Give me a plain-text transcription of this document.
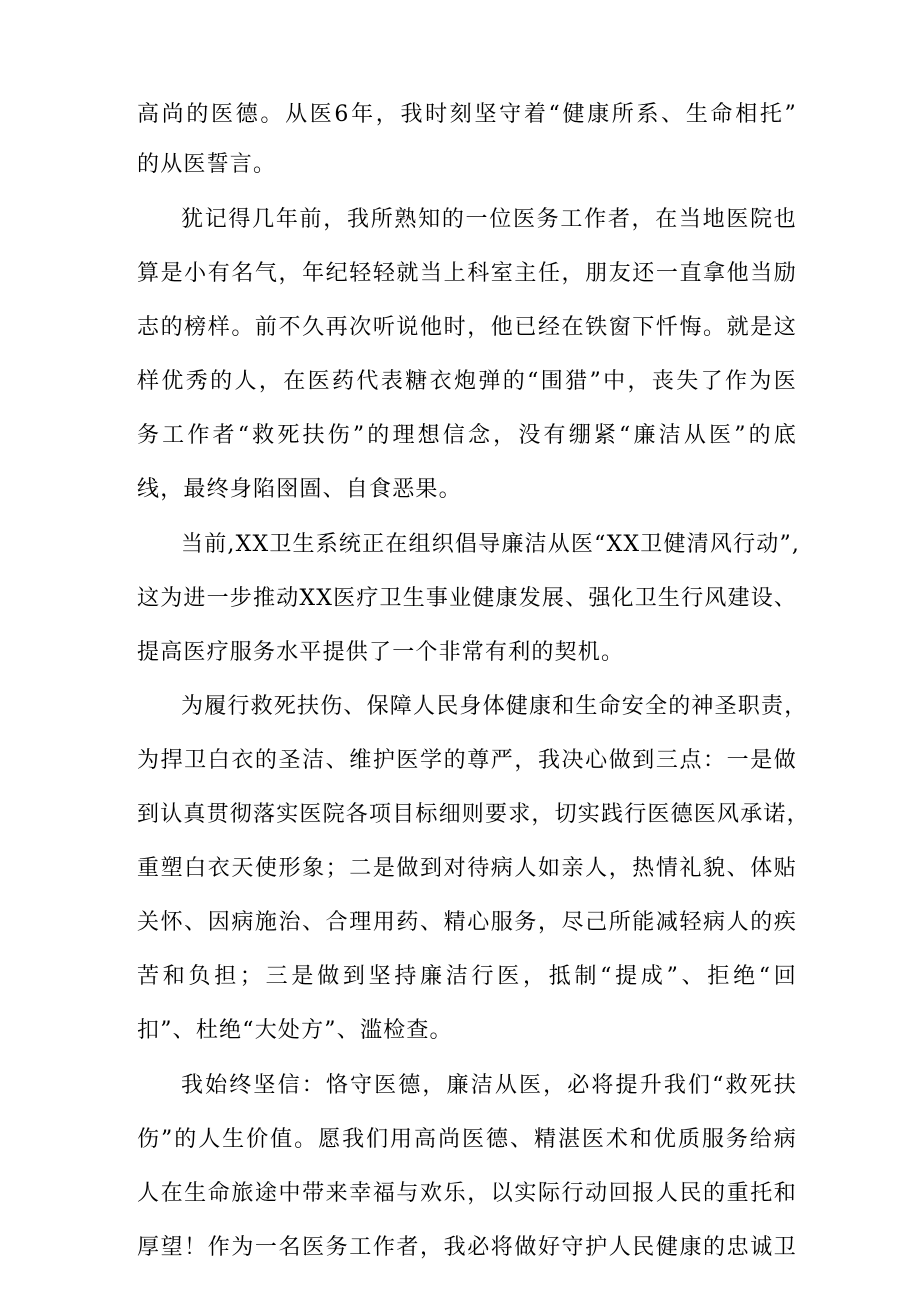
高尚的医德。从医6年，我时刻坚守着“健康所系、生命相托”
的从医誓言。
犹记得几年前，我所熟知的一位医务工作者，在当地医院也
算是小有名气，年纪轻轻就当上科室主任，朋友还一直拿他当励
志的榜样。前不久再次听说他时，他已经在铁窗下忏悔。就是这
样优秀的人，在医药代表糖衣炮弹的“围猎”中，丧失了作为医
务工作者“救死扶伤”的理想信念，没有绷紧“廉洁从医”的底
线，最终身陷囹圄、自食恶果。
当前,XX卫生系统正在组织倡导廉洁从医“XX卫健清风行动”,
这为进一步推动XX医疗卫生事业健康发展、强化卫生行风建设、
提高医疗服务水平提供了一个非常有利的契机。
为履行救死扶伤、保障人民身体健康和生命安全的神圣职责，
为捍卫白衣的圣洁、维护医学的尊严，我决心做到三点：一是做
到认真贯彻落实医院各项目标细则要求，切实践行医德医风承诺，
重塑白衣天使形象；二是做到对待病人如亲人，热情礼貌、体贴
关怀、因病施治、合理用药、精心服务，尽己所能减轻病人的疾
苦和负担；三是做到坚持廉洁行医，抵制“提成”、拒绝“回
扣”、杜绝“大处方”、滥检查。
我始终坚信：恪守医德，廉洁从医，必将提升我们“救死扶
伤”的人生价值。愿我们用高尚医德、精湛医术和优质服务给病
人在生命旅途中带来幸福与欢乐，以实际行动回报人民的重托和
厚望！作为一名医务工作者，我必将做好守护人民健康的忠诚卫
